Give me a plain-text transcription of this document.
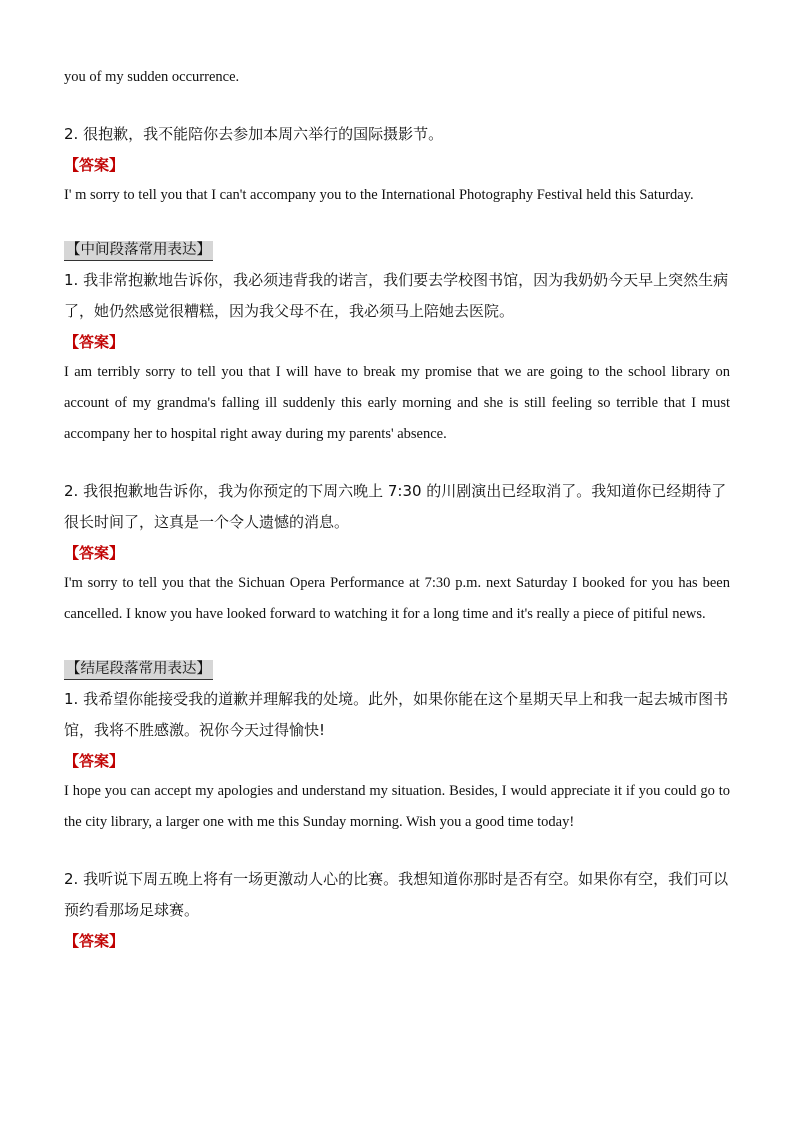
you of my sudden occurrence.

2. 很抱歉，我不能陪你去参加本周六举行的国际摄影节。

【答案】

I' m sorry to tell you that I can't accompany you to the International Photography Festival held this Saturday.

【中间段落常用表达】

1. 我非常抱歉地告诉你，我必须违背我的诺言，我们要去学校图书馆，因为我奶奶今天早上突然生病了，她仍然感觉很糟糕，因为我父母不在，我必须马上陪她去医院。

【答案】

I am terribly sorry to tell you that I will have to break my promise that we are going to the school library on account of my grandma's falling ill suddenly this early morning and she is still feeling so terrible that I must accompany her to hospital right away during my parents' absence.

2. 我很抱歉地告诉你，我为你预定的下周六晚上 7:30 的川剧演出已经取消了。我知道你已经期待了很长时间了，这真是一个令人遗憾的消息。

【答案】

I'm sorry to tell you that the Sichuan Opera Performance at 7:30 p.m. next Saturday I booked for you has been cancelled. I know you have looked forward to watching it for a long time and it's really a piece of pitiful news.

【结尾段落常用表达】

1. 我希望你能接受我的道歉并理解我的处境。此外，如果你能在这个星期天早上和我一起去城市图书馆，我将不胜感激。祝你今天过得愉快!

【答案】

I hope you can accept my apologies and understand my situation. Besides, I would appreciate it if you could go to the city library, a larger one with me this Sunday morning. Wish you a good time today!

2. 我听说下周五晚上将有一场更激动人心的比赛。我想知道你那时是否有空。如果你有空，我们可以预约看那场足球赛。

【答案】
